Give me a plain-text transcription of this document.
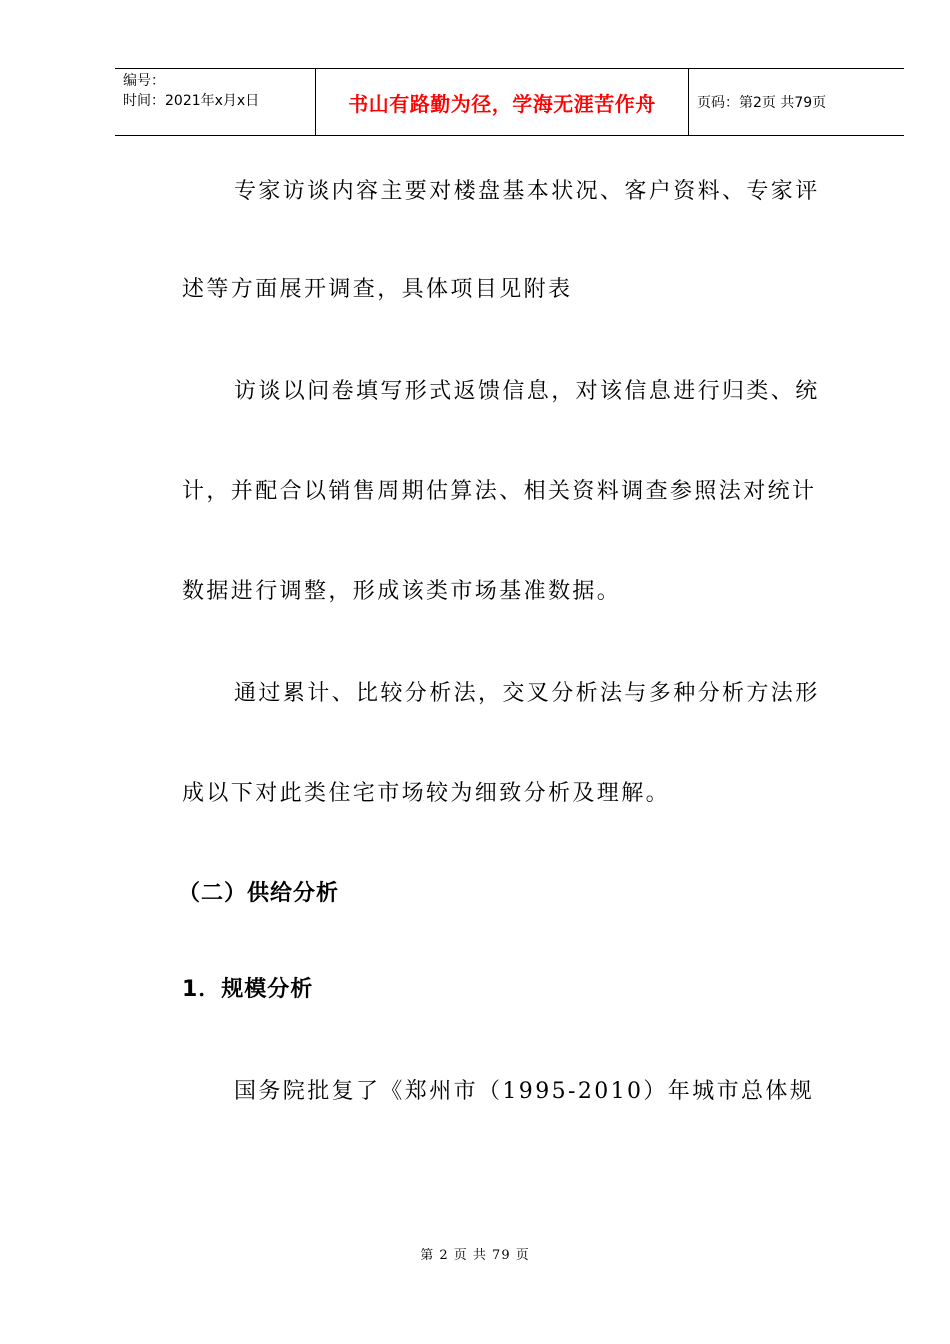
编号：
时间：2021年x月x日	书山有路勤为径，学海无涯苦作舟	页码：第2页 共79页

专家访谈内容主要对楼盘基本状况、客户资料、专家评

述等方面展开调查，具体项目见附表

访谈以问卷填写形式返馈信息，对该信息进行归类、统

计，并配合以销售周期估算法、相关资料调查参照法对统计

数据进行调整，形成该类市场基准数据。

通过累计、比较分析法，交叉分析法与多种分析方法形

成以下对此类住宅市场较为细致分析及理解。

（二）供给分析

1．规模分析

国务院批复了《郑州市（1995-2010）年城市总体规

第 2 页 共 79 页
